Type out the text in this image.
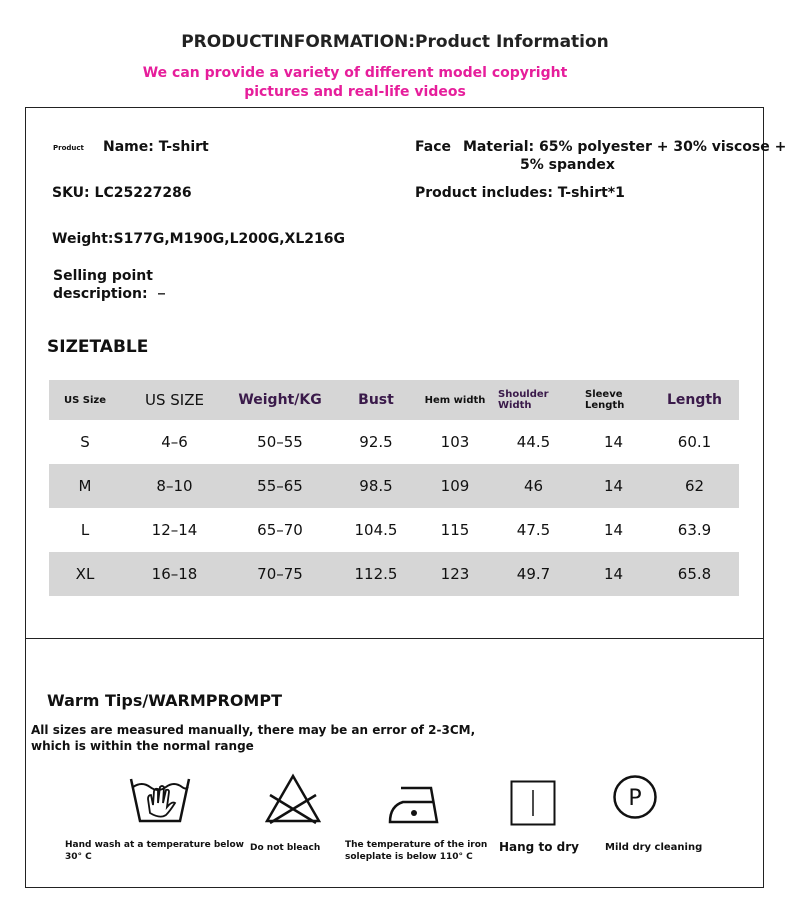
PRODUCTINFORMATION:Product Information
We can provide a variety of different model copyright
pictures and real-life videos
Product Name: T-shirt	Face Material: 65% polyester + 30% viscose +
5% spandex
SKU: LC25227286	Product includes: T-shirt*1
Weight:S177G,M190G,L200G,XL216G
Selling point
description: _
SIZETABLE
US Size	US SIZE	Weight/KG	Bust	Hem width	Shoulder Width	Sleeve Length	Length
S	4–6	50–55	92.5	103	44.5	14	60.1
M	8–10	55–65	98.5	109	46	14	62
L	12–14	65–70	104.5	115	47.5	14	63.9
XL	16–18	70–75	112.5	123	49.7	14	65.8
Warm Tips/WARMPROMPT
All sizes are measured manually, there may be an error of 2-3CM,
which is within the normal range
P
Hand wash at a temperature below
30° C
Do not bleach	The temperature of the iron
soleplate is below 110° C
Hang to dry	Mild dry cleaning
